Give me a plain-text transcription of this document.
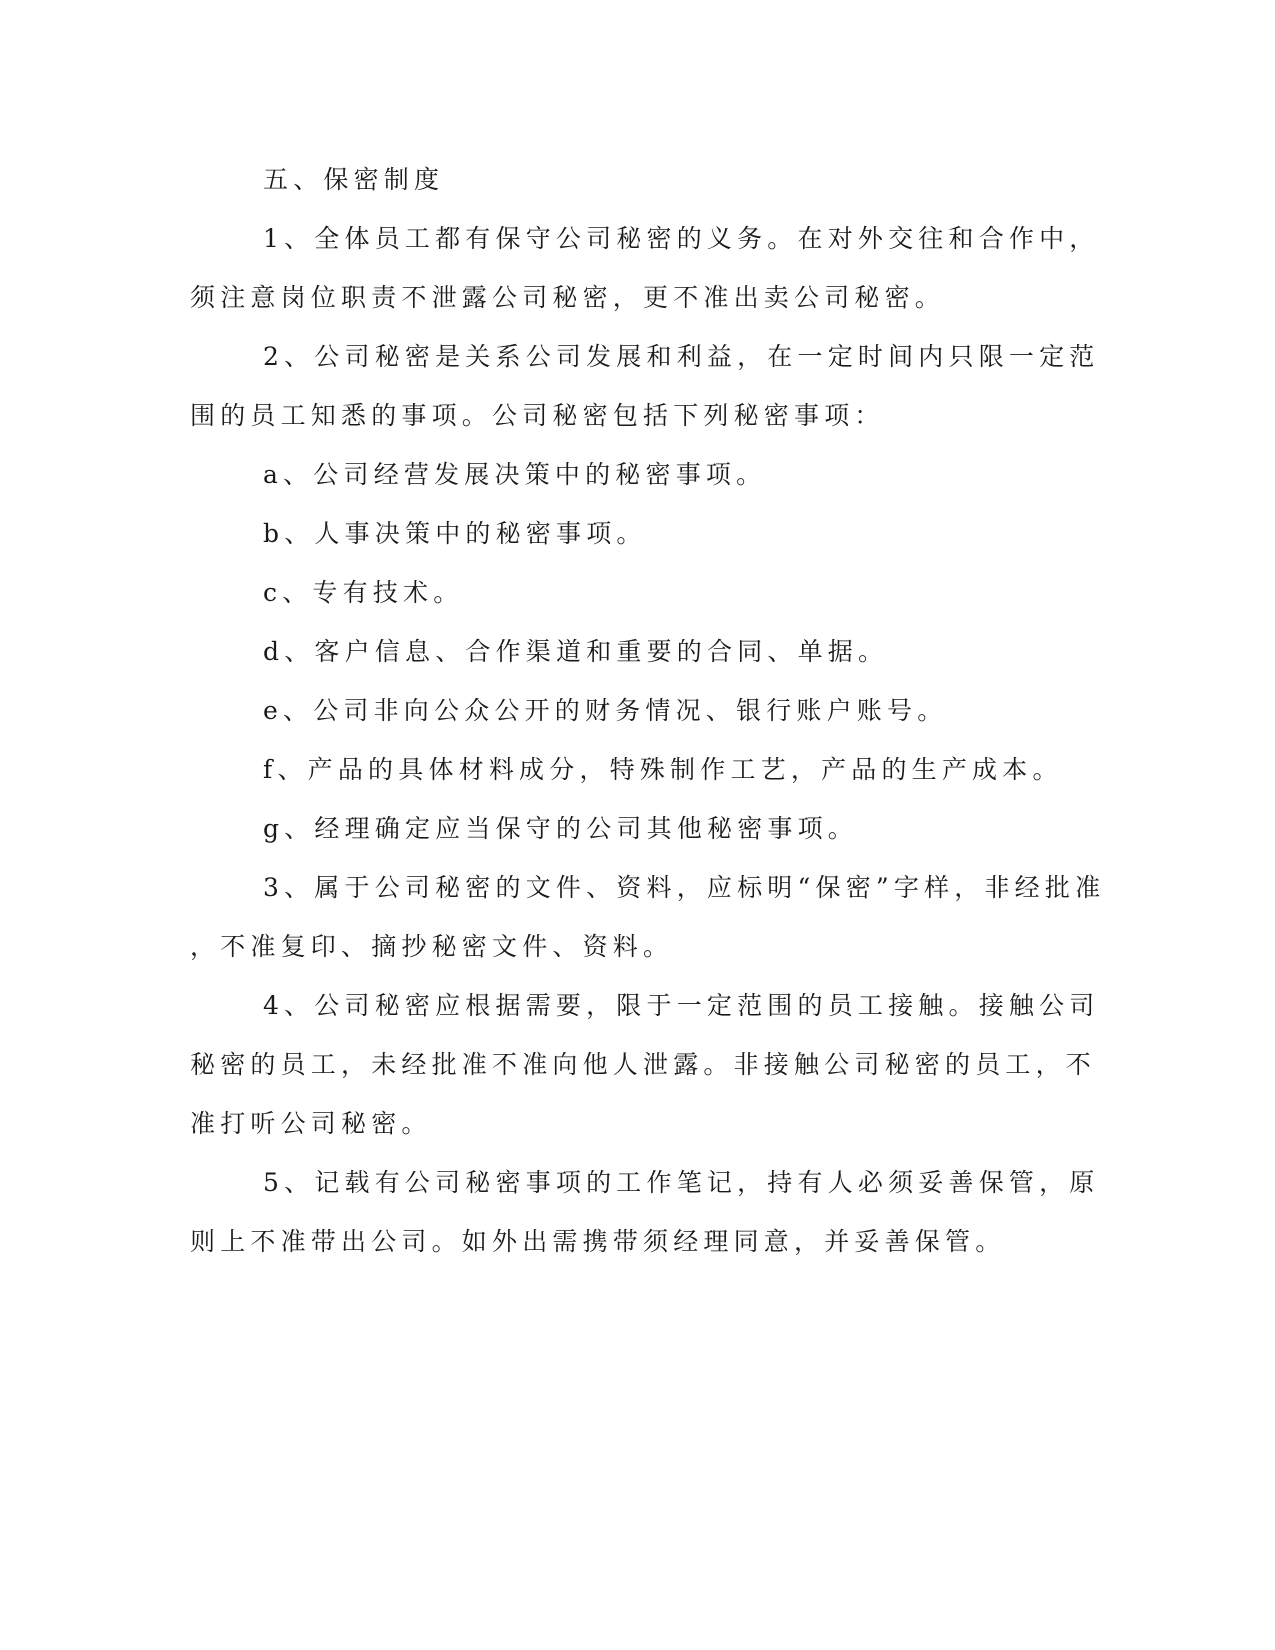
五、保密制度
1、全体员工都有保守公司秘密的义务。在对外交往和合作中，
须注意岗位职责不泄露公司秘密，更不准出卖公司秘密。
2、公司秘密是关系公司发展和利益，在一定时间内只限一定范
围的员工知悉的事项。公司秘密包括下列秘密事项：
a、公司经营发展决策中的秘密事项。
b、人事决策中的秘密事项。
c、专有技术。
d、客户信息、合作渠道和重要的合同、单据。
e、公司非向公众公开的财务情况、银行账户账号。
f、产品的具体材料成分，特殊制作工艺，产品的生产成本。
g、经理确定应当保守的公司其他秘密事项。
3、属于公司秘密的文件、资料，应标明“保密”字样，非经批准
，不准复印、摘抄秘密文件、资料。
4、公司秘密应根据需要，限于一定范围的员工接触。接触公司
秘密的员工，未经批准不准向他人泄露。非接触公司秘密的员工，不
准打听公司秘密。
5、记载有公司秘密事项的工作笔记，持有人必须妥善保管，原
则上不准带出公司。如外出需携带须经理同意，并妥善保管。
